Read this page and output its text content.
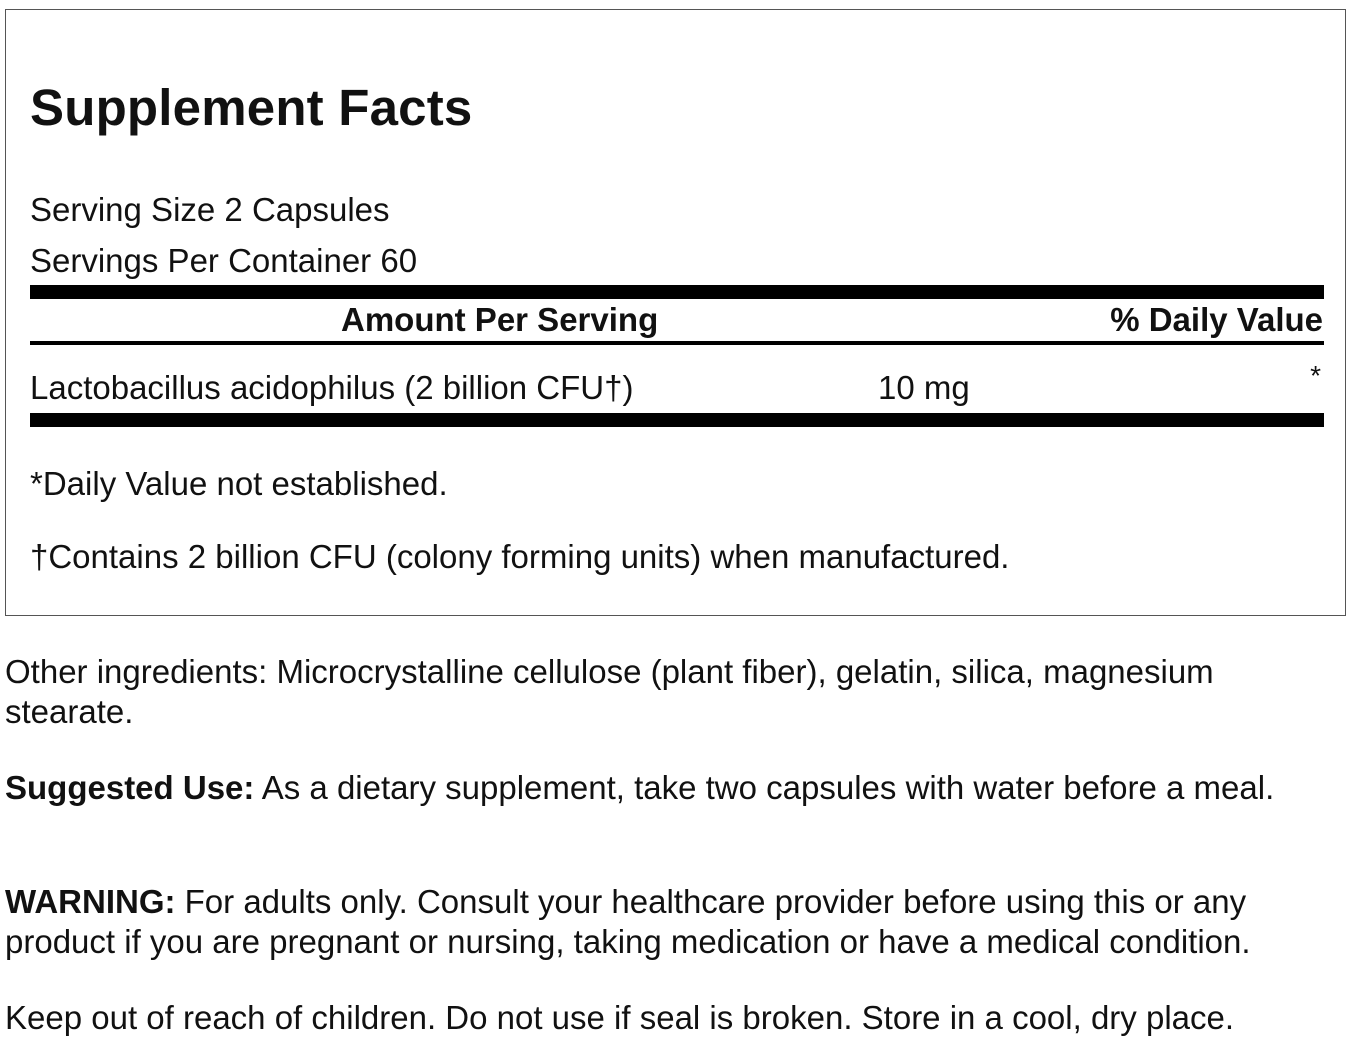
Supplement Facts
Serving Size 2 Capsules
Servings Per Container 60
Amount Per Serving	% Daily Value
Lactobacillus acidophilus (2 billion CFU†)	10 mg	*
*Daily Value not established.
†Contains 2 billion CFU (colony forming units) when manufactured.

Other ingredients: Microcrystalline cellulose (plant fiber), gelatin, silica, magnesium stearate.

Suggested Use: As a dietary supplement, take two capsules with water before a meal.

WARNING: For adults only. Consult your healthcare provider before using this or any product if you are pregnant or nursing, taking medication or have a medical condition.

Keep out of reach of children. Do not use if seal is broken. Store in a cool, dry place.
